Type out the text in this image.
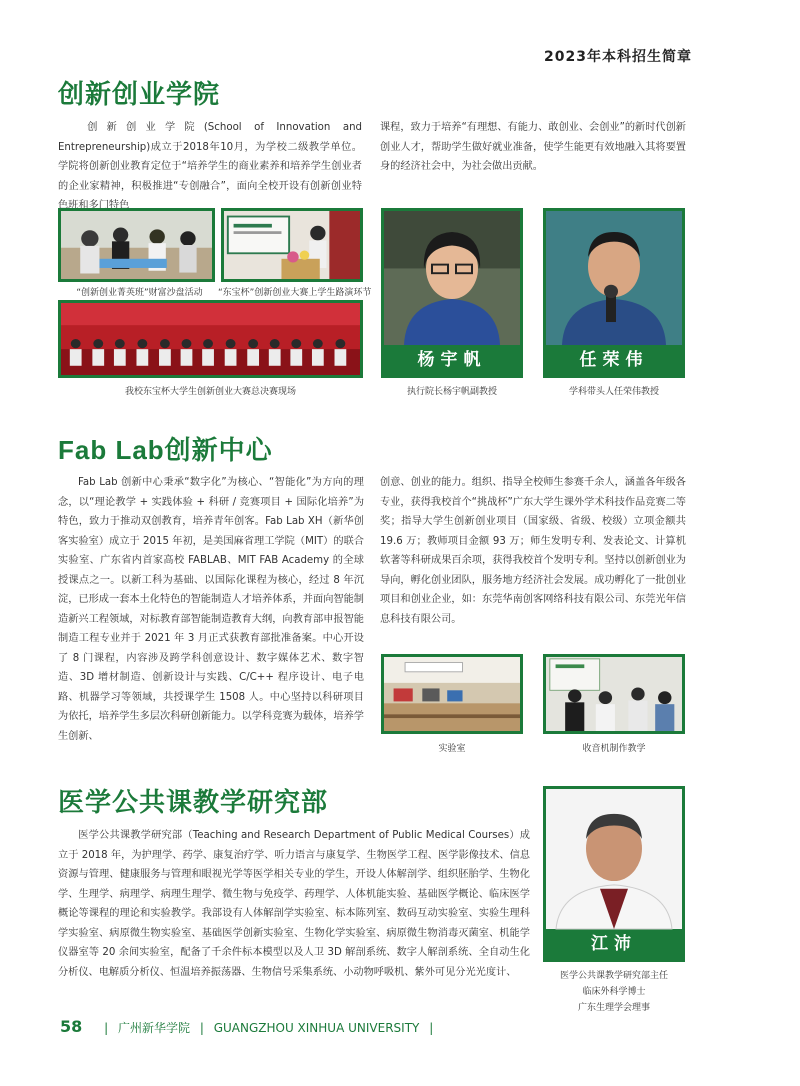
2023年本科招生简章
创新创业学院
创新创业学院(School of Innovation and Entrepreneurship)成立于2018年10月，为学校二级教学单位。学院将创新创业教育定位于“培养学生的商业素养和培养学生创业者的企业家精神，积极推进“专创融合”，面向全校开设有创新创业特色班和多门特色
课程，致力于培养“有理想、有能力、敢创业、会创业”的新时代创新创业人才，帮助学生做好就业准备，使学生能更有效地融入其将要置身的经济社会中，为社会做出贡献。
“创新创业菁英班”财富沙盘活动	“东宝杯”创新创业大赛上学生路演环节
我校东宝杯大学生创新创业大赛总决赛现场
杨宇帆
执行院长杨宇帆副教授
任荣伟
学科带头人任荣伟教授
Fab Lab创新中心
Fab Lab 创新中心秉承“数字化”为核心、“智能化”为方向的理念，以“理论教学 + 实践体验 + 科研 / 竞赛项目 + 国际化培养”为特色，致力于推动双创教育，培养青年创客。Fab Lab XH（新华创客实验室）成立于 2015 年初，是美国麻省理工学院（MIT）的联合实验室、广东省内首家高校 FABLAB、MIT FAB Academy 的全球授课点之一。以新工科为基础、以国际化课程为核心，经过 8 年沉淀，已形成一套本土化特色的智能制造人才培养体系，并面向智能制造新兴工程领域，对标教育部智能制造教育大纲，向教育部申报智能制造工程专业并于 2021 年 3 月正式获教育部批准备案。中心开设了 8 门课程，内容涉及跨学科创意设计、数字媒体艺术、数字智造、3D 增材制造、创新设计与实践、C/C++ 程序设计、电子电路、机器学习等领域，共授课学生 1508 人。中心坚持以科研项目为依托，培养学生多层次科研创新能力。以学科竞赛为载体，培养学生创新、
创意、创业的能力。组织、指导全校师生参赛千余人，涵盖各年级各专业，获得我校首个“挑战杯”广东大学生课外学术科技作品竞赛二等奖；指导大学生创新创业项目（国家级、省级、校级）立项金额共 19.6 万；教师项目金额 93 万；师生发明专利、发表论文、计算机软著等科研成果百余项，获得我校首个发明专利。坚持以创新创业为导向，孵化创业团队，服务地方经济社会发展。成功孵化了一批创业项目和创业企业，如：东莞华南创客网络科技有限公司、东莞光年信息科技有限公司。
实验室	收音机制作教学
医学公共课教学研究部
医学公共课教学研究部（Teaching and Research Department of Public Medical Courses）成立于 2018 年，为护理学、药学、康复治疗学、听力语言与康复学、生物医学工程、医学影像技术、信息资源与管理、健康服务与管理和眼视光学等医学相关专业的学生，开设人体解剖学、组织胚胎学、生物化学、生理学、病理学、病理生理学、微生物与免疫学、药理学、人体机能实验、基础医学概论、临床医学概论等课程的理论和实验教学。我部设有人体解剖学实验室、标本陈列室、数码互动实验室、实验生理科学实验室、病原微生物实验室、基础医学创新实验室、生物化学实验室、病原微生物消毒灭菌室、机能学仪器室等 20 余间实验室，配备了千余件标本模型以及人卫 3D 解剖系统、数字人解剖系统、全自动生化分析仪、电解质分析仪、恒温培养振荡器、生物信号采集系统、小动物呼吸机、紫外可见分光光度计、
江沛
医学公共课教学研究部主任
临床外科学博士
广东生理学会理事
58 | 广州新华学院 | GUANGZHOU XINHUA UNIVERSITY |
